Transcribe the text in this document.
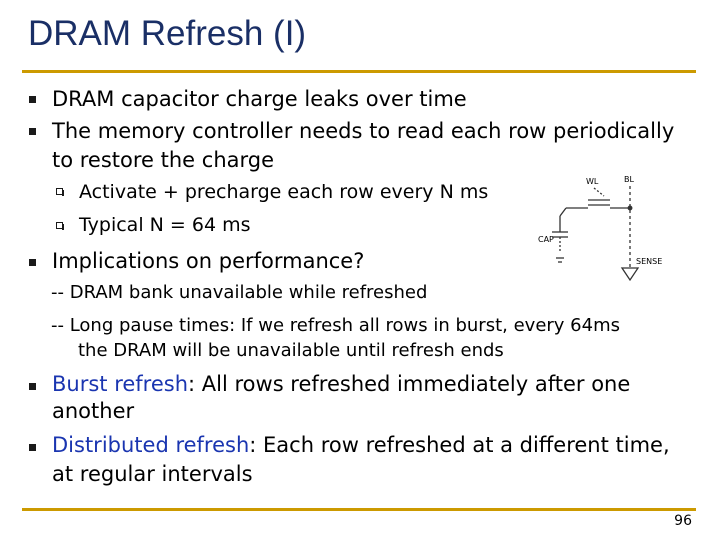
DRAM Refresh (I)
DRAM capacitor charge leaks over time
The memory controller needs to read each row periodically
to restore the charge
Activate + precharge each row every N ms
Typical N = 64 ms
Implications on performance?
-- DRAM bank unavailable while refreshed
-- Long pause times: If we refresh all rows in burst, every 64ms
the DRAM will be unavailable until refresh ends
Burst refresh: All rows refreshed immediately after one
another
Distributed refresh: Each row refreshed at a different time,
at regular intervals
WL	BL
CAP
SENSE
96
